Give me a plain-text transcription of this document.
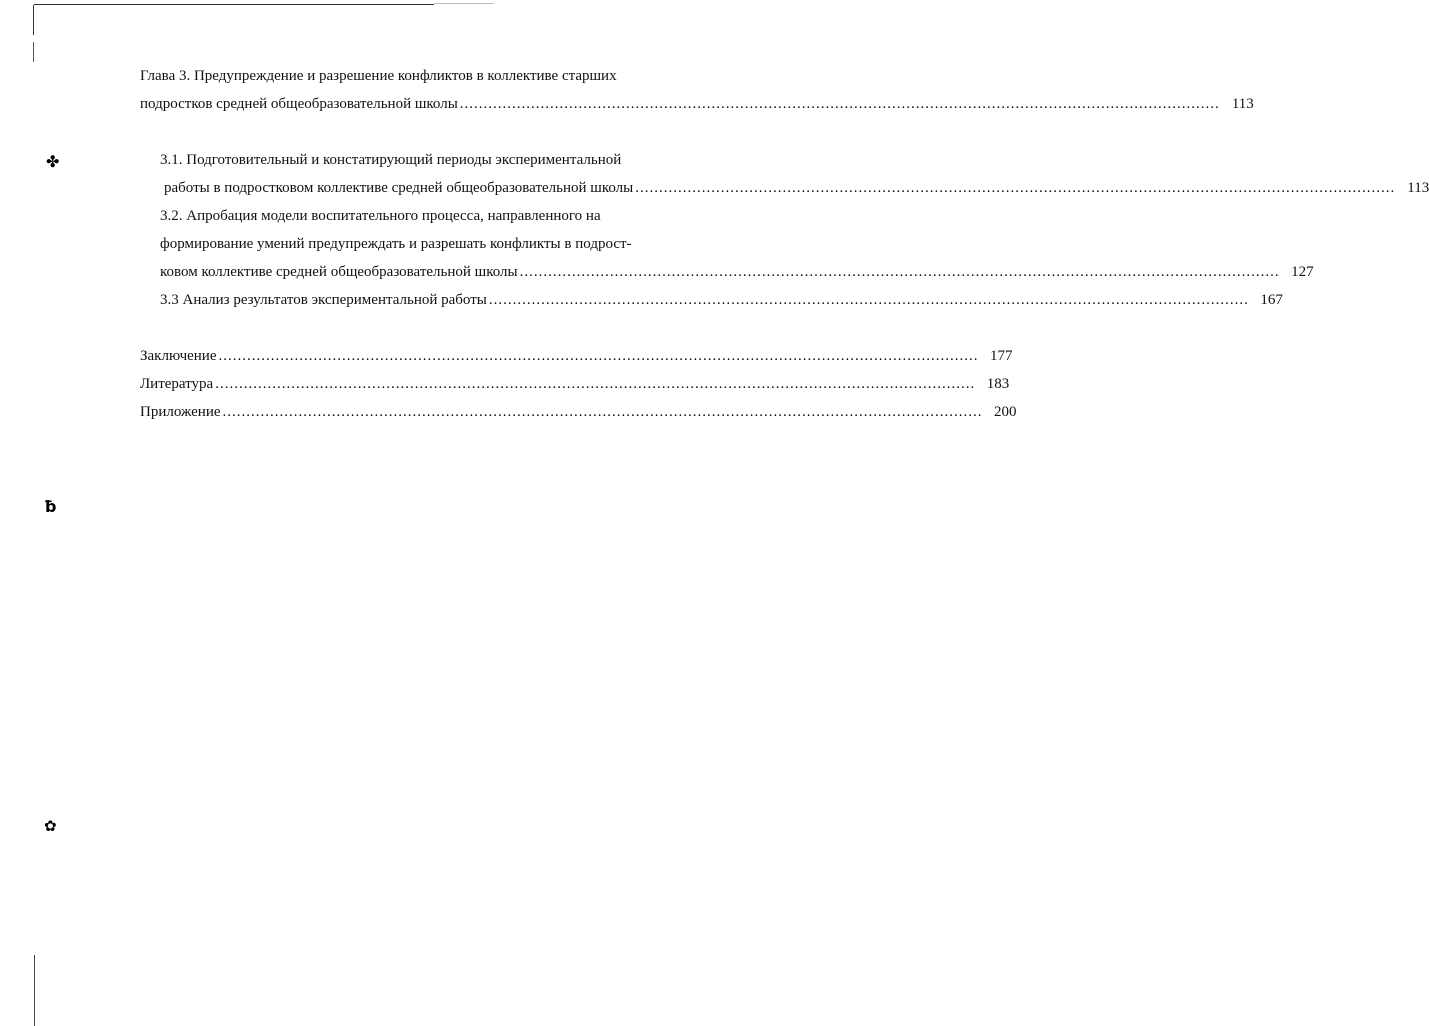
✤
ƀ
✿
Глава 3. Предупреждение и разрешение конфликтов в коллективе старших
подростков средней общеобразовательной школы ................................................................................................................................................................ 113
3.1. Подготовительный и констатирующий периоды экспериментальной
работы в подростковом коллективе средней общеобразовательной школы ................................................................................................................................................................ 113
3.2. Апробация модели воспитательного процесса, направленного на
формирование умений предупреждать и разрешать конфликты в подрост-
ковом коллективе средней общеобразовательной школы ................................................................................................................................................................ 127
3.3 Анализ результатов экспериментальной работы ................................................................................................................................................................ 167
Заключение ................................................................................................................................................................ 177
Литература ................................................................................................................................................................ 183
Приложение ................................................................................................................................................................ 200
